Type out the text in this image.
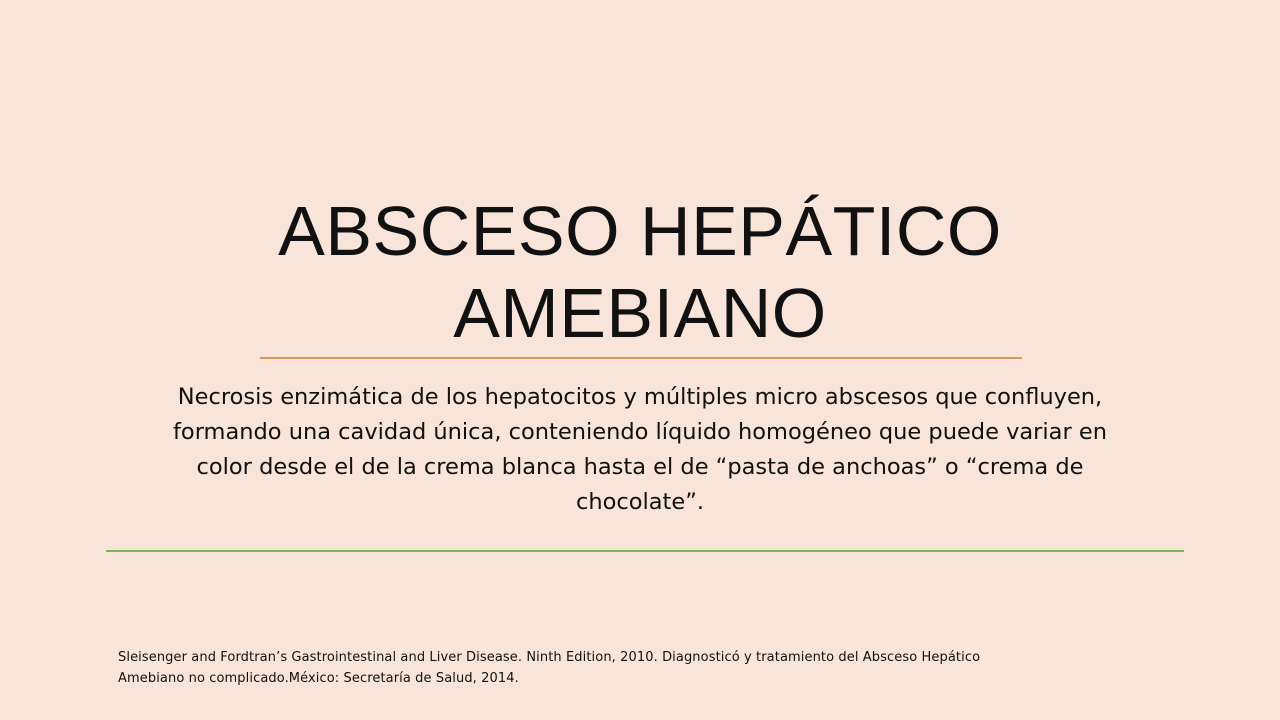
ABSCESO HEPÁTICO
AMEBIANO
Necrosis enzimática de los hepatocitos y múltiples micro abscesos que confluyen, formando una cavidad única, conteniendo líquido homogéneo que puede variar en color desde el de la crema blanca hasta el de “pasta de anchoas” o “crema de chocolate”.
Sleisenger and Fordtran’s Gastrointestinal and Liver Disease. Ninth Edition, 2010. Diagnosticó y tratamiento del Absceso Hepático Amebiano no complicado.México: Secretaría de Salud, 2014.
